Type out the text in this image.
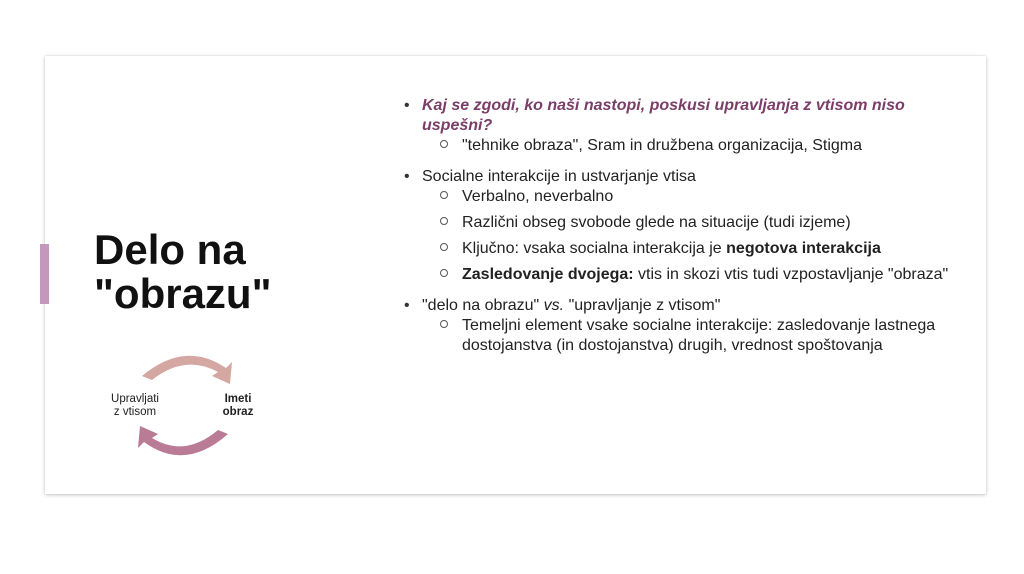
Delo na
"obrazu"
Upravljati
z vtisom
Imeti
obraz
• Kaj se zgodi, ko naši nastopi, poskusi upravljanja z vtisom niso uspešni?
"tehnike obraza", Sram in družbena organizacija, Stigma
• Socialne interakcije in ustvarjanje vtisa
Verbalno, neverbalno
Različni obseg svobode glede na situacije (tudi izjeme)
Ključno: vsaka socialna interakcija je negotova interakcija
Zasledovanje dvojega: vtis in skozi vtis tudi vzpostavljanje "obraza"
• "delo na obrazu" vs. "upravljanje z vtisom"
Temeljni element vsake socialne interakcije: zasledovanje lastnega dostojanstva (in dostojanstva) drugih, vrednost spoštovanja
